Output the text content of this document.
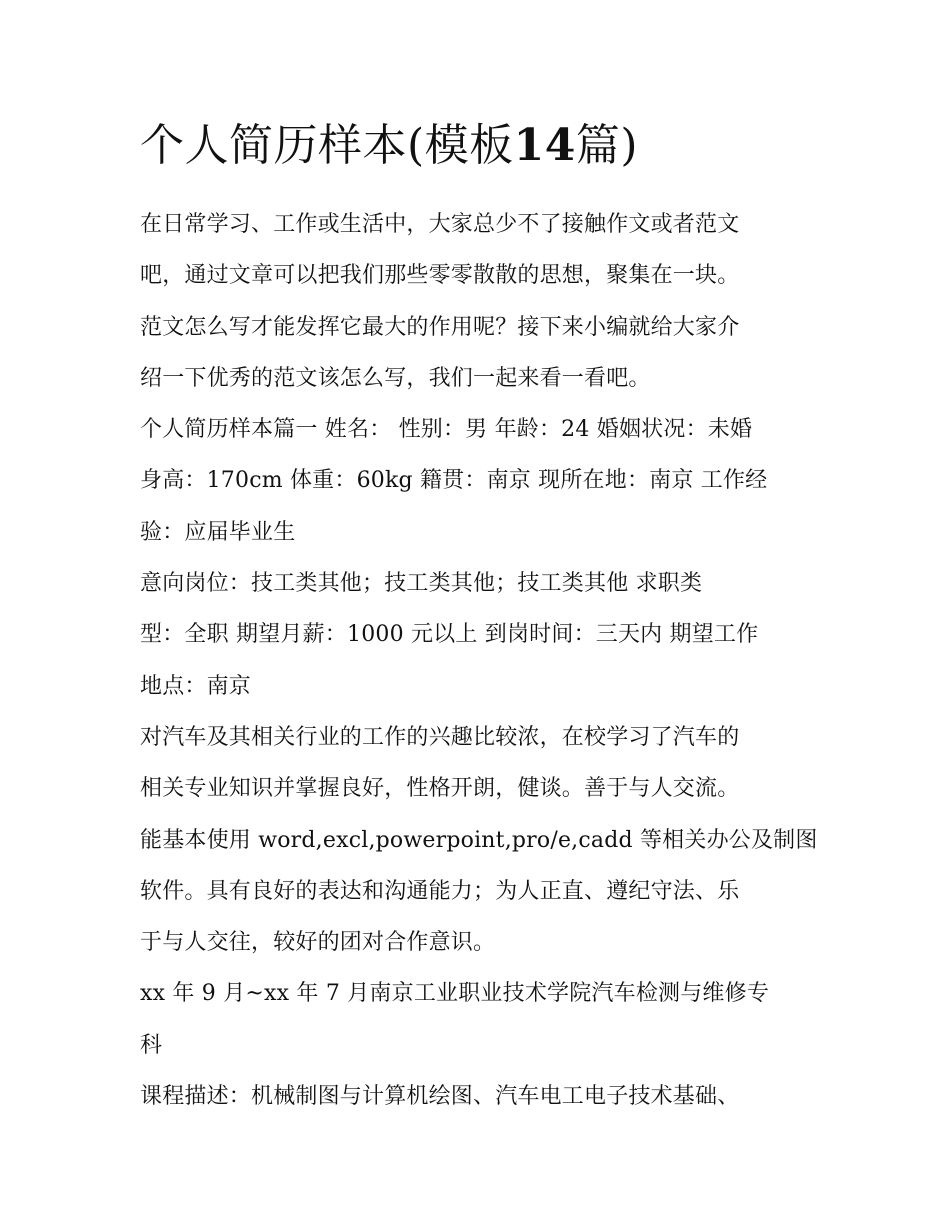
个人简历样本(模板14篇)
在日常学习、工作或生活中，大家总少不了接触作文或者范文
吧，通过文章可以把我们那些零零散散的思想，聚集在一块。
范文怎么写才能发挥它最大的作用呢？接下来小编就给大家介
绍一下优秀的范文该怎么写，我们一起来看一看吧。
个人简历样本篇一 姓名： 性别：男 年龄：24 婚姻状况：未婚
身高：170cm 体重：60kg 籍贯：南京 现所在地：南京 工作经
验：应届毕业生
意向岗位：技工类其他；技工类其他；技工类其他 求职类
型：全职 期望月薪：1000 元以上 到岗时间：三天内 期望工作
地点：南京
对汽车及其相关行业的工作的兴趣比较浓，在校学习了汽车的
相关专业知识并掌握良好，性格开朗，健谈。善于与人交流。
能基本使用 word,excl,powerpoint,pro/e,cadd 等相关办公及制图
软件。具有良好的表达和沟通能力；为人正直、遵纪守法、乐
于与人交往，较好的团对合作意识。
xx 年 9 月~xx 年 7 月南京工业职业技术学院汽车检测与维修专
科
课程描述：机械制图与计算机绘图、汽车电工电子技术基础、
